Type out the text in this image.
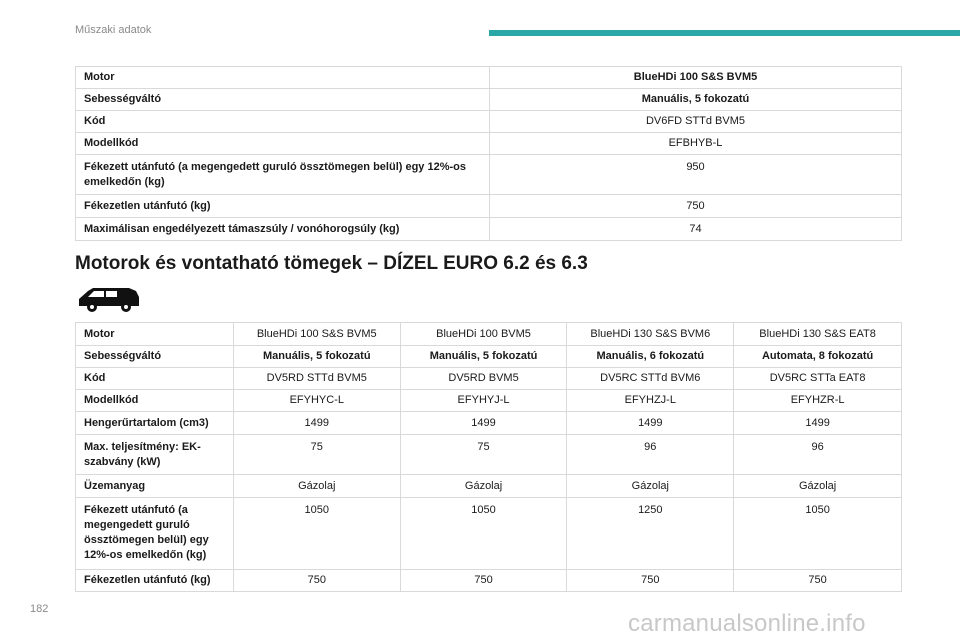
Műszaki adatok
Motor	BlueHDi 100 S&S BVM5
Sebességváltó	Manuális, 5 fokozatú
Kód	DV6FD STTd BVM5
Modellkód	EFBHYB-L
Fékezett utánfutó (a megengedett guruló össztömegen belül) egy 12%-os emelkedőn (kg)	950
Fékezetlen utánfutó (kg)	750
Maximálisan engedélyezett támaszsúly / vonóhorogsúly (kg)	74
Motorok és vontatható tömegek – DÍZEL EURO 6.2 és 6.3
Motor	BlueHDi 100 S&S BVM5	BlueHDi 100 BVM5	BlueHDi 130 S&S BVM6	BlueHDi 130 S&S EAT8
Sebességváltó	Manuális, 5 fokozatú	Manuális, 5 fokozatú	Manuális, 6 fokozatú	Automata, 8 fokozatú
Kód	DV5RD STTd BVM5	DV5RD BVM5	DV5RC STTd BVM6	DV5RC STTa EAT8
Modellkód	EFYHYC-L	EFYHYJ-L	EFYHZJ-L	EFYHZR-L
Hengerűrtartalom (cm3)	1499	1499	1499	1499
Max. teljesítmény: EK-szabvány (kW)	75	75	96	96
Üzemanyag	Gázolaj	Gázolaj	Gázolaj	Gázolaj
Fékezett utánfutó (a megengedett guruló össztömegen belül) egy 12%-os emelkedőn (kg)	1050	1050	1250	1050
Fékezetlen utánfutó (kg)	750	750	750	750
182
carmanualsonline.info
